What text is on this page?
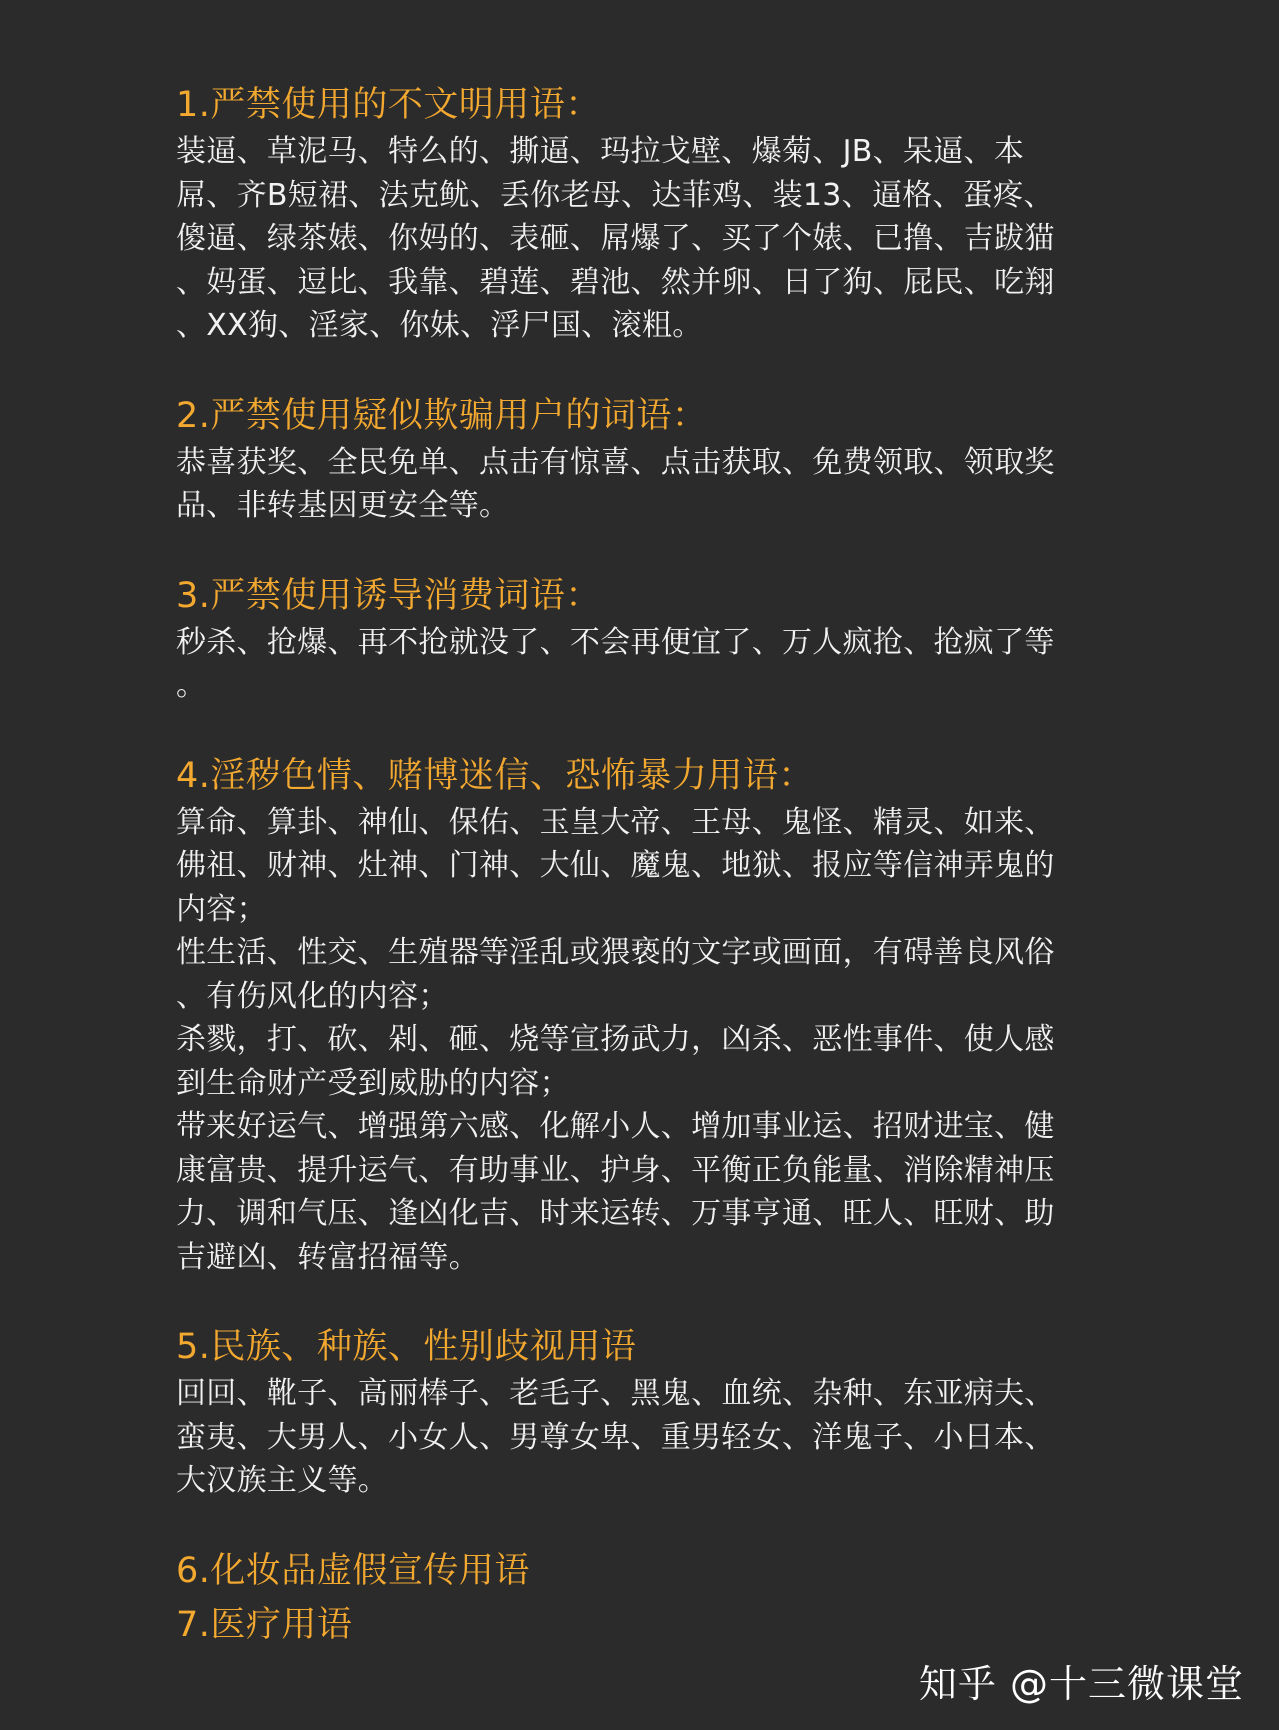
1.严禁使用的不文明用语：

装逼、草泥马、特么的、撕逼、玛拉戈壁、爆菊、JB、呆逼、本
屌、齐B短裙、法克鱿、丢你老母、达菲鸡、装13、逼格、蛋疼、
傻逼、绿茶婊、你妈的、表砸、屌爆了、买了个婊、已撸、吉跋猫
、妈蛋、逗比、我靠、碧莲、碧池、然并卵、日了狗、屁民、吃翔
、XX狗、淫家、你妹、浮尸国、滚粗。

2.严禁使用疑似欺骗用户的词语：

恭喜获奖、全民免单、点击有惊喜、点击获取、免费领取、领取奖
品、非转基因更安全等。

3.严禁使用诱导消费词语：

秒杀、抢爆、再不抢就没了、不会再便宜了、万人疯抢、抢疯了等
。

4.淫秽色情、赌博迷信、恐怖暴力用语：

算命、算卦、神仙、保佑、玉皇大帝、王母、鬼怪、精灵、如来、
佛祖、财神、灶神、门神、大仙、魔鬼、地狱、报应等信神弄鬼的
内容；

性生活、性交、生殖器等淫乱或猥亵的文字或画面，有碍善良风俗
、有伤风化的内容；

杀戮，打、砍、剁、砸、烧等宣扬武力，凶杀、恶性事件、使人感
到生命财产受到威胁的内容；

带来好运气、增强第六感、化解小人、增加事业运、招财进宝、健
康富贵、提升运气、有助事业、护身、平衡正负能量、消除精神压
力、调和气压、逢凶化吉、时来运转、万事亨通、旺人、旺财、助
吉避凶、转富招福等。

5.民族、种族、性别歧视用语

回回、靴子、高丽棒子、老毛子、黑鬼、血统、杂种、东亚病夫、
蛮夷、大男人、小女人、男尊女卑、重男轻女、洋鬼子、小日本、
大汉族主义等。

6.化妆品虚假宣传用语
7.医疗用语
知乎 @十三微课堂
